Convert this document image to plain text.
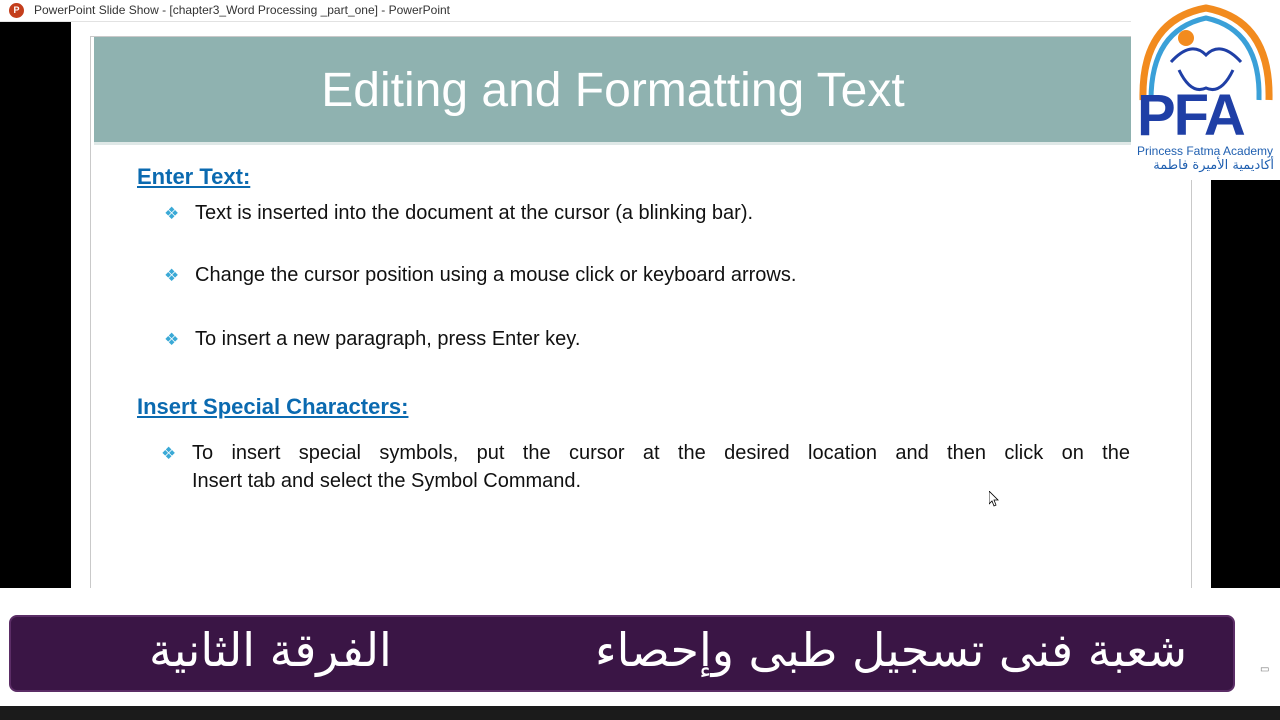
P	PowerPoint Slide Show - [chapter3_Word Processing _part_one] - PowerPoint
Editing and Formatting Text
Enter Text:
❖ Text is inserted into the document at the cursor (a blinking bar).
❖ Change the cursor position using a mouse click or keyboard arrows.
❖ To insert a new paragraph, press Enter key.
Insert Special Characters:
❖ To insert special symbols, put the cursor at the desired location and then click on the
Insert tab and select the Symbol Command.
PFA
Princess Fatma Academy
أكاديمية الأميرة فاطمة
شعبة فنى تسجيل طبى وإحصاء
الفرقة الثانية	▭
